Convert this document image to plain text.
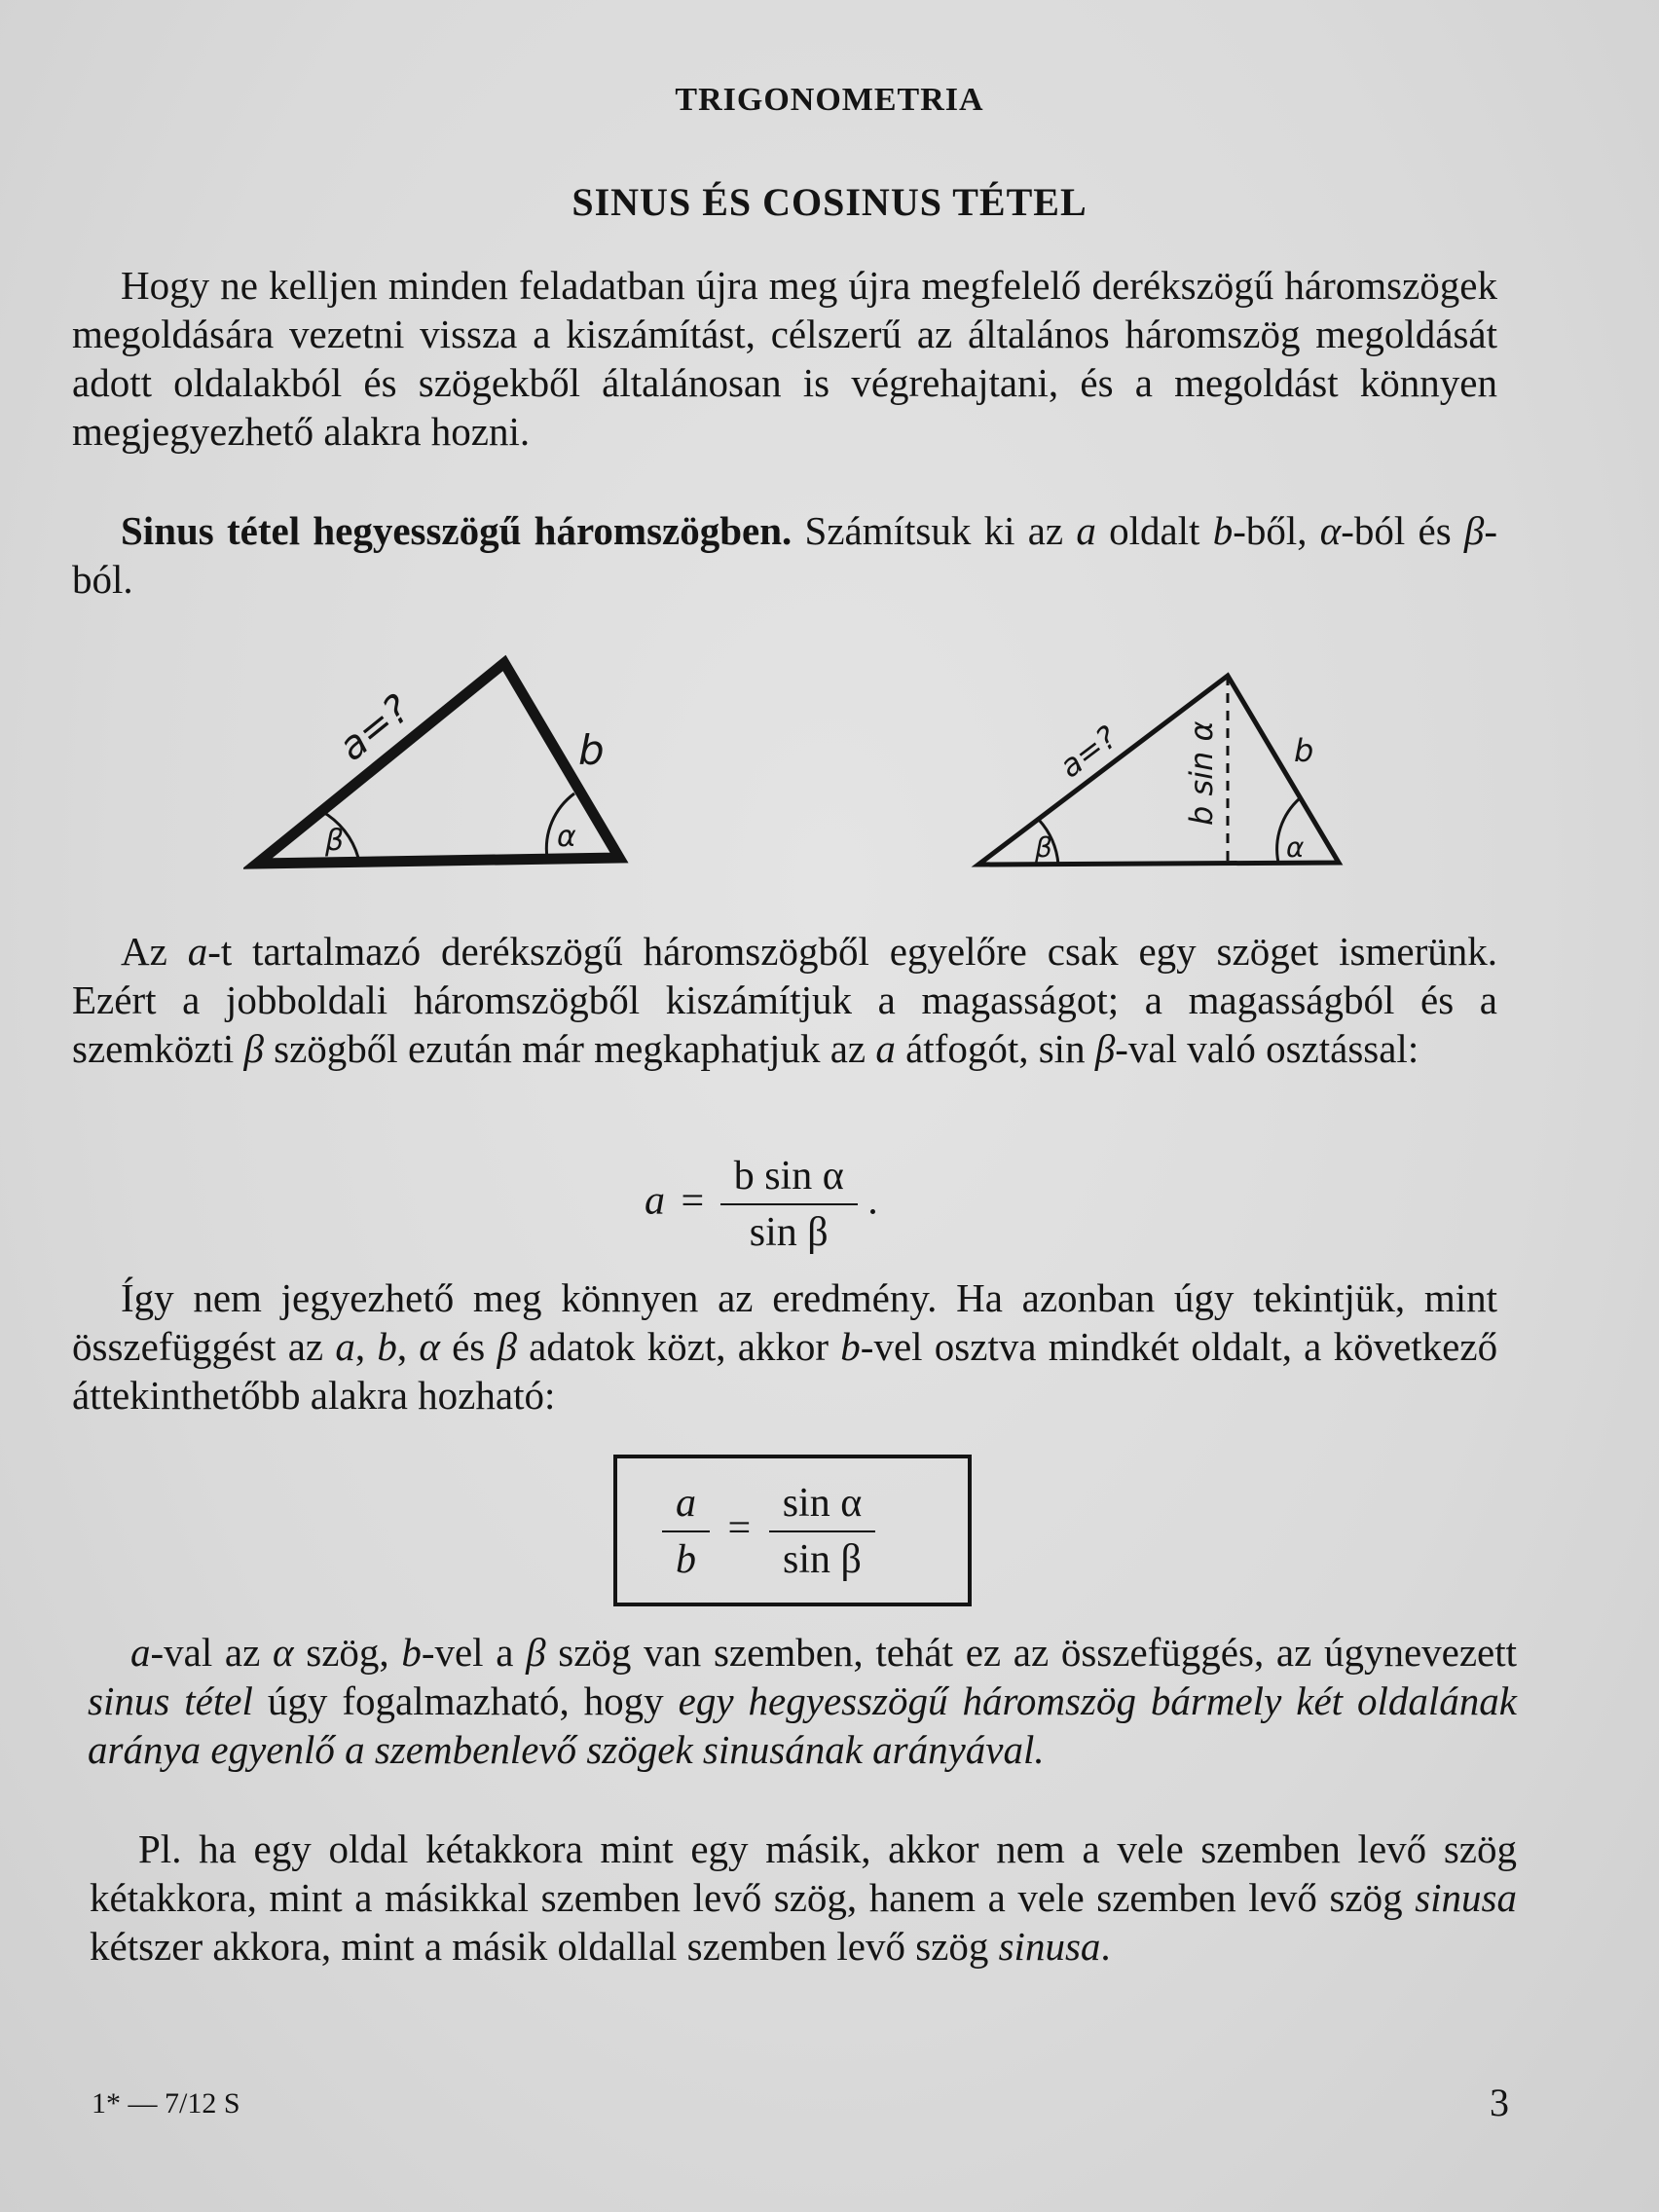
TRIGONOMETRIA
SINUS ÉS COSINUS TÉTEL

Hogy ne kelljen minden feladatban újra meg újra megfelelő derékszögű háromszögek megoldására vezetni vissza a kiszámítást, célszerű az általános háromszög megoldását adott oldalakból és szögekből általánosan is végrehajtani, és a megoldást könnyen megjegyezhető alakra hozni.

Sinus tétel hegyesszögű háromszögben. Számítsuk ki az a oldalt b-ből, α-ból és β-ból.

a=?	b
β	α
a=? b sin α b
β	α

Az a-t tartalmazó derékszögű háromszögből egyelőre csak egy szöget ismerünk. Ezért a jobboldali háromszögből kiszámítjuk a magasságot; a magasságból és a szemközti β szögből ezután már megkaphatjuk az a átfogót, sin β-val való osztással:

$a = \frac{\text{b sin α}}{\text{sin β}}$ .

Így nem jegyezhető meg könnyen az eredmény. Ha azonban úgy tekintjük, mint összefüggést az a, b, α és β adatok közt, akkor b-vel osztva mindkét oldalt, a következő áttekinthetőbb alakra hozható:

$\frac{a}{b} = \frac{\text{sin α}}{\text{sin β}}$

a-val az α szög, b-vel a β szög van szemben, tehát ez az összefüggés, az úgynevezett sinus tétel úgy fogalmazható, hogy egy hegyesszögű háromszög bármely két oldalának aránya egyenlő a szembenlevő szögek sinusának arányával.

Pl. ha egy oldal kétakkora mint egy másik, akkor nem a vele szemben levő szög kétakkora, mint a másikkal szemben levő szög, hanem a vele szemben levő szög sinusa kétszer akkora, mint a másik oldallal szemben levő szög sinusa.

1* — 7/12 S	3
